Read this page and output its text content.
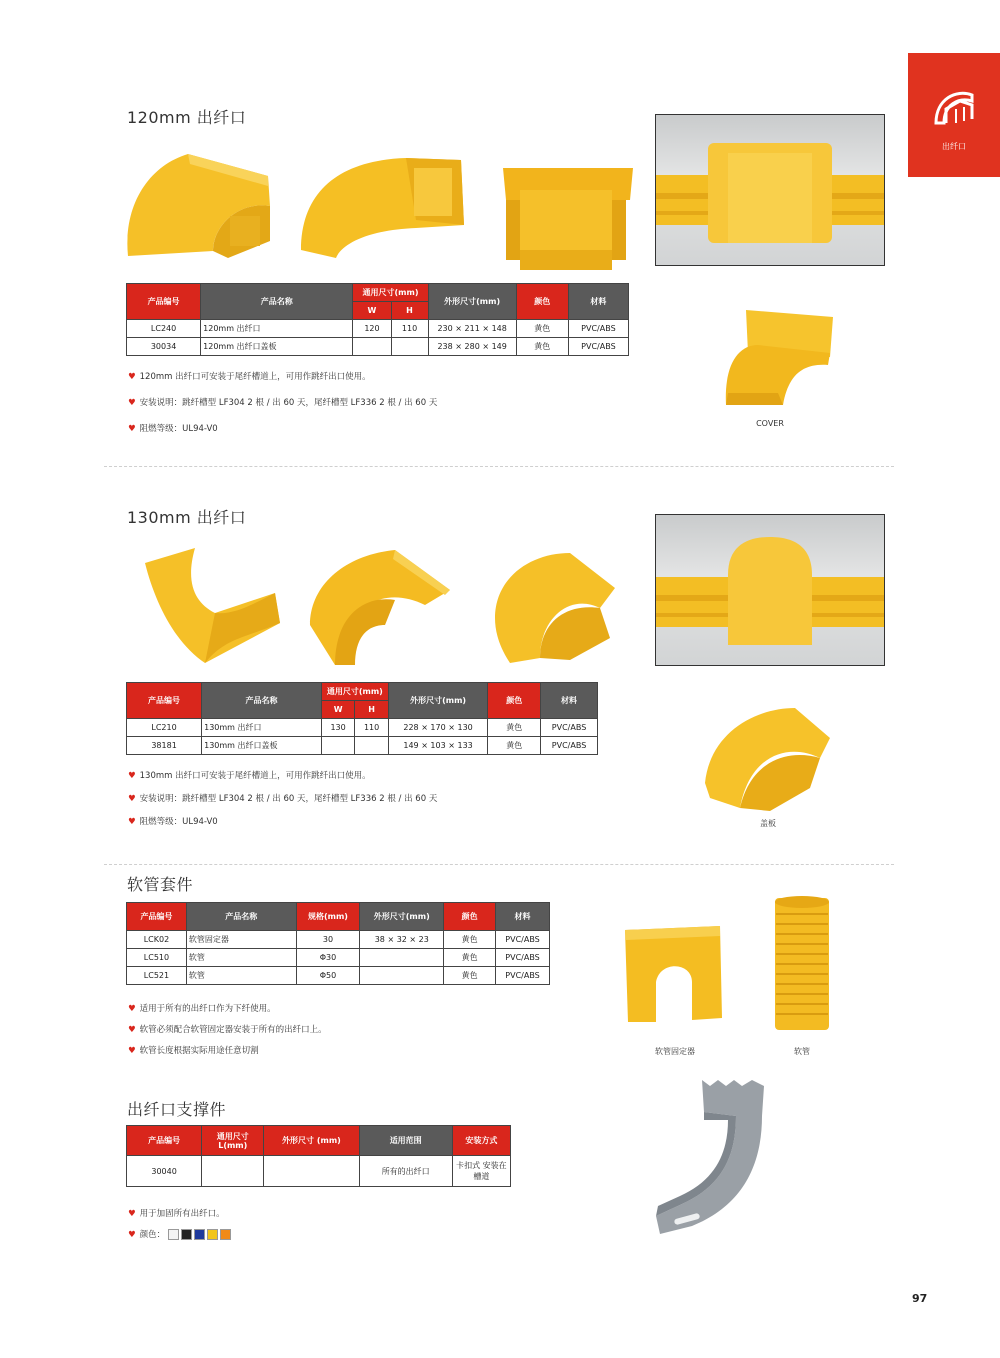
出纤口
120mm 出纤口
COVER
产品编号	产品名称	通用尺寸(mm)		外形尺寸(mm)	颜色	材料
		W	H			
LC240	120mm 出纤口	120	110	230 × 211 × 148	黄色	PVC/ABS
30034	120mm 出纤口盖板			238 × 280 × 149	黄色	PVC/ABS
♥ 120mm 出纤口可安装于尾纤槽道上，可用作跳纤出口使用。
♥ 安装说明：跳纤槽型 LF304 2 根 / 出 60 天，尾纤槽型 LF336 2 根 / 出 60 天
♥ 阻燃等级：UL94-V0
130mm 出纤口
盖板
产品编号	产品名称	通用尺寸(mm)		外形尺寸(mm)	颜色	材料
		W	H			
LC210	130mm 出纤口	130	110	228 × 170 × 130	黄色	PVC/ABS
38181	130mm 出纤口盖板			149 × 103 × 133	黄色	PVC/ABS
♥ 130mm 出纤口可安装于尾纤槽道上，可用作跳纤出口使用。
♥ 安装说明：跳纤槽型 LF304 2 根 / 出 60 天，尾纤槽型 LF336 2 根 / 出 60 天
♥ 阻燃等级：UL94-V0
软管套件
产品编号	产品名称	规格(mm)	外形尺寸(mm)	颜色	材料
LCK02	软管固定器	30	38 × 32 × 23	黄色	PVC/ABS
LC510	软管	Φ30		黄色	PVC/ABS
LC521	软管	Φ50		黄色	PVC/ABS
♥ 适用于所有的出纤口作为下纤使用。
♥ 软管必须配合软管固定器安装于所有的出纤口上。
♥ 软管长度根据实际用途任意切割	软管固定器	软管
出纤口支撑件
产品编号	通用尺寸 L(mm)	外形尺寸 (mm)	适用范围	安装方式
30040			所有的出纤口	卡扣式 安装在槽道
♥ 用于加固所有出纤口。
♥ 颜色：
97
